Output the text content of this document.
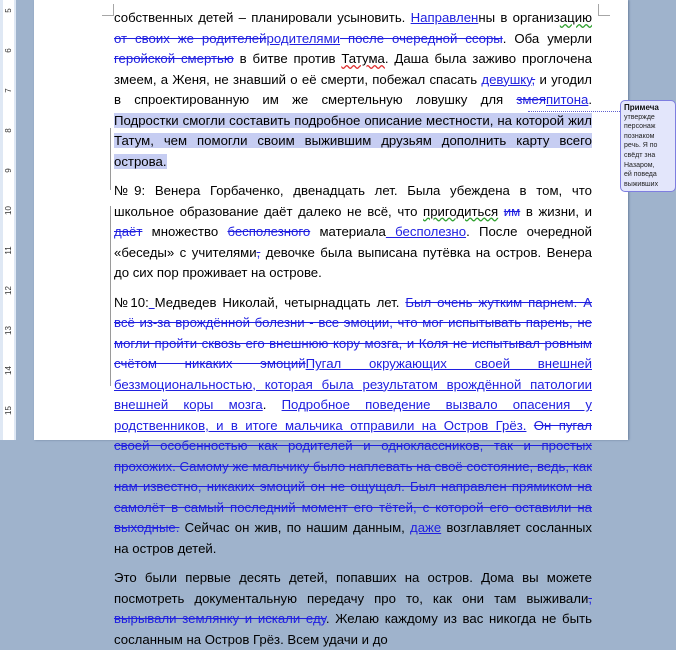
5
6
7
8
9
10
11
12
13
14
15

собственных детей – планировали усыновить. Направленны в организацию от своих же родителейродителями после очередной ссоры. Оба умерли геройской смертью в битве против Татума. Даша была заживо проглочена змеем, а Женя, не знавший о её смерти, побежал спасать девушку, и угодил в спроектированную им же смертельную ловушку для змеяпитона. Подростки смогли составить подробное описание местности, на которой жил Татум, чем помогли своим выжившим друзьям дополнить карту всего острова.

№9: Венера Горбаченко, двенадцать лет. Была убеждена в том, что школьное образование даёт далеко не всё, что пригодиться им в жизни, и даёт множество бесполезного материала бесполезно. После очередной «беседы» с учителями, девочке была выписана путёвка на остров. Венера до сих пор проживает на острове.

№10: Медведев Николай, четырнадцать лет. Был очень жутким парнем. А всё из-за врождённой болезни - все эмоции, что мог испытывать парень, не могли пройти сквозь его внешнюю кору мозга, и Коля не испытывал ровным счётом никаких эмоцийПугал окружающих своей внешней беззмоциональностью, которая была результатом врождённой патологии внешней коры мозга. Подробное поведение вызвало опасения у родственников, и в итоге мальчика отправили на Остров Грёз. Он пугал своей особенностью как родителей и одноклассников, так и простых прохожих. Самому же мальчику было наплевать на своё состояние, ведь, как нам известно, никаких эмоций он не ощущал. Был направлен прямиком на самолёт в самый последний момент его тётей, с которой его оставили на выходные. Сейчас он жив, по нашим данным, даже возглавляет сосланных на остров детей.

Это были первые десять детей, попавших на остров. Дома вы можете посмотреть документальную передачу про то, как они там выживали, вырывали землянку и искали еду. Желаю каждому из вас никогда не быть сосланным на Остров Грёз. Всем удачи и до

Примеча
утвержде
персонаж
познаком
речь. Я по
свёдт зна
Назаром,
ей поведа
выживших
